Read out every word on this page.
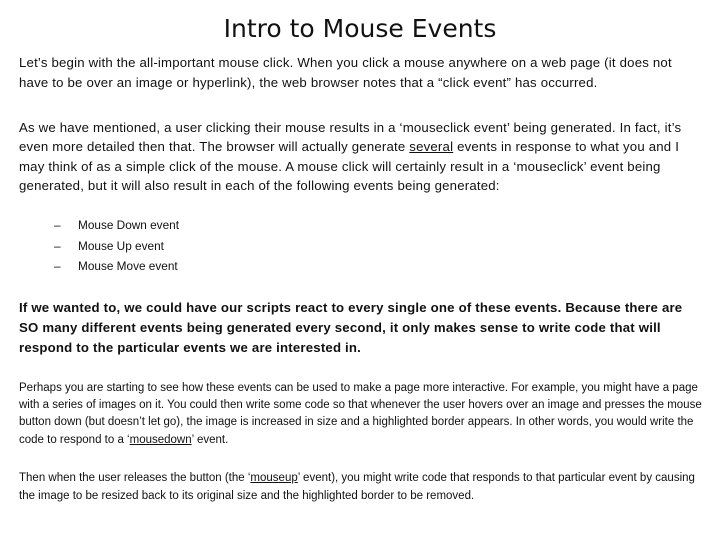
Intro to Mouse Events

Let’s begin with the all-important mouse click. When you click a mouse anywhere on a web page (it does not have to be over an image or hyperlink), the web browser notes that a “click event” has occurred.

As we have mentioned, a user clicking their mouse results in a ‘mouseclick event’ being generated. In fact, it’s even more detailed then that. The browser will actually generate several events in response to what you and I may think of as a simple click of the mouse. A mouse click will certainly result in a ‘mouseclick’ event being generated, but it will also result in each of the following events being generated:

– Mouse Down event
– Mouse Up event
– Mouse Move event

If we wanted to, we could have our scripts react to every single one of these events. Because there are SO many different events being generated every second, it only makes sense to write code that will respond to the particular events we are interested in.

Perhaps you are starting to see how these events can be used to make a page more interactive. For example, you might have a page with a series of images on it. You could then write some code so that whenever the user hovers over an image and presses the mouse button down (but doesn’t let go), the image is increased in size and a highlighted border appears. In other words, you would write the code to respond to a ‘mousedown’ event.

Then when the user releases the button (the ‘mouseup’ event), you might write code that responds to that particular event by causing the image to be resized back to its original size and the highlighted border to be removed.
